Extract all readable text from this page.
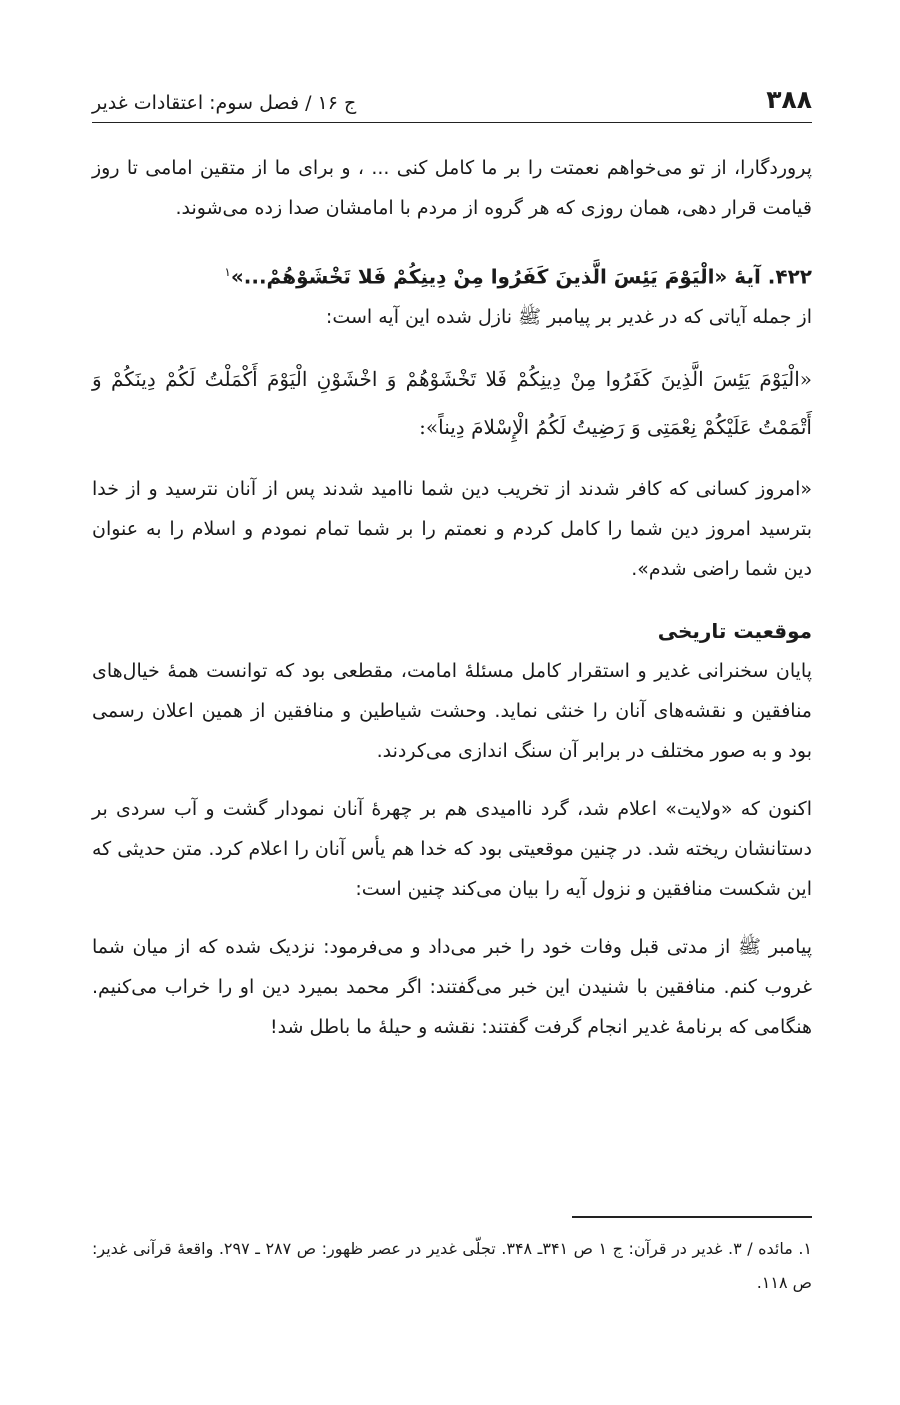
۳۸۸
ج ۱۶ / فصل سوم: اعتقادات غدیر

پروردگارا، از تو می‌خواهم نعمتت را بر ما کامل کنی ... ، و برای ما از متقین امامی تا روز قیامت قرار دهی، همان روزی که هر گروه از مردم با امامشان صدا زده می‌شوند.

۴۲۲. آیهٔ «الْیَوْمَ یَئِسَ الَّذینَ کَفَرُوا مِنْ دِینِکُمْ فَلا تَخْشَوْهُمْ...»$^۱$

از جمله آیاتی که در غدیر بر پیامبر ﷺ نازل شده این آیه است:

«الْیَوْمَ یَئِسَ الَّذِینَ کَفَرُوا مِنْ دِینِکُمْ فَلا تَخْشَوْهُمْ وَ اخْشَوْنِ الْیَوْمَ أَکْمَلْتُ لَکُمْ دِینَکُمْ وَ أَتْمَمْتُ عَلَیْکُمْ نِعْمَتِی وَ رَضِیتُ لَکُمُ الْإِسْلامَ دِیناً»:

«امروز کسانی که کافر شدند از تخریب دین شما ناامید شدند پس از آنان نترسید و از خدا بترسید امروز دین شما را کامل کردم و نعمتم را بر شما تمام نمودم و اسلام را به عنوان دین شما راضی شدم».

موقعیت تاریخی

پایان سخنرانی غدیر و استقرار کامل مسئلهٔ امامت، مقطعی بود که توانست همهٔ خیال‌های منافقین و نقشه‌های آنان را خنثی نماید. وحشت شیاطین و منافقین از همین اعلان رسمی بود و به صور مختلف در برابر آن سنگ اندازی می‌کردند.

اکنون که «ولایت» اعلام شد، گرد ناامیدی هم بر چهرهٔ آنان نمودار گشت و آب سردی بر دستانشان ریخته شد. در چنین موقعیتی بود که خدا هم یأس آنان را اعلام کرد. متن حدیثی که این شکست منافقین و نزول آیه را بیان می‌کند چنین است:

پیامبر ﷺ از مدتی قبل وفات خود را خبر می‌داد و می‌فرمود: نزدیک شده که از میان شما غروب کنم. منافقین با شنیدن این خبر می‌گفتند: اگر محمد بمیرد دین او را خراب می‌کنیم. هنگامی که برنامهٔ غدیر انجام گرفت گفتند: نقشه و حیلهٔ ما باطل شد!

۱. مائده / ۳. غدیر در قرآن: ج ۱ ص ۳۴۱ـ ۳۴۸. تجلّی غدیر در عصر ظهور: ص ۲۸۷ ـ ۲۹۷. واقعهٔ قرآنی غدیر: ص ۱۱۸.
